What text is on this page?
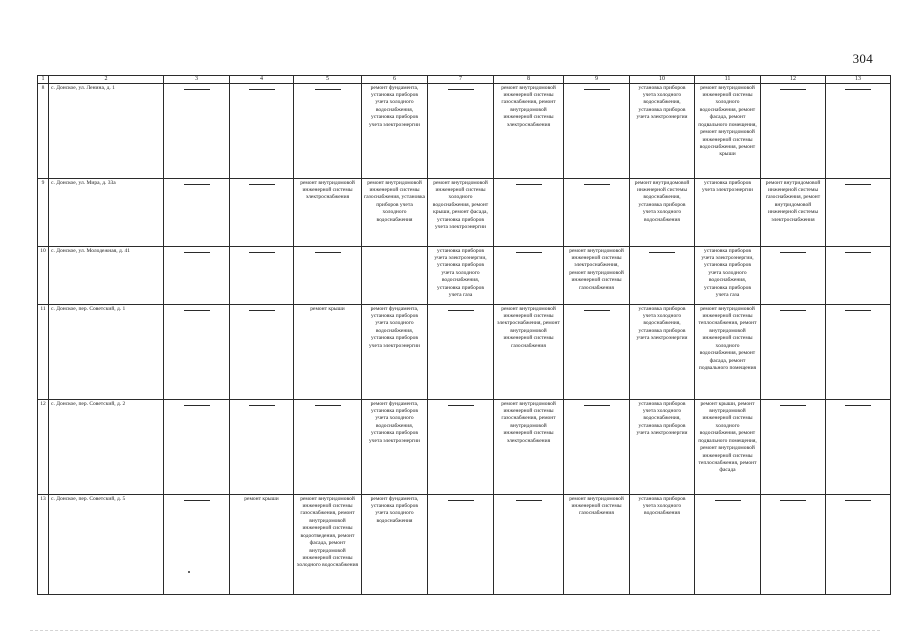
304
1	2	3	4	5	6	7	8	9	10	11	12	13
8	с. Донское, ул. Ленина, д. 1				ремонт фундамента, установка приборов учета холодного водоснабжения, установка приборов учета электроэнергии		ремонт внутридомовой инженерной системы газоснабжения, ремонт внутридомовой инженерной системы электроснабжения		установка приборов учета холодного водоснабжения, установка приборов учета электроэнергии	ремонт внутридомовой инженерной системы холодного водоснабжения, ремонт фасада, ремонт подвального помещения, ремонт внутридомовой инженерной системы водоснабжения, ремонт крыши	

9	с. Донское, ул. Мира, д. 33а			ремонт внутридомовой инженерной системы электроснабжения	ремонт внутридомовой инженерной системы газоснабжения, установка приборов учета холодного водоснабжения	ремонт внутридомовой инженерной системы холодного водоснабжения, ремонт крыши, ремонт фасада, установка приборов учета электроэнергии			ремонт внутридомовой инженерной системы водоснабжения, установка приборов учета холодного водоснабжения	установка приборов учета электроэнергии	ремонт внутридомовой инженерной системы газоснабжения, ремонт внутридомовой инженерной системы электроснабжения	

10	с. Донское, ул. Молодежная, д. 41					установка приборов учета электроэнергии, установка приборов учета холодного водоснабжения, установка приборов учета газа		ремонт внутридомовой инженерной системы электроснабжения, ремонт внутридомовой инженерной системы газоснабжения		установка приборов учета электроэнергии, установка приборов учета холодного водоснабжения, установка приборов учета газа	

11	с. Донское, пер. Советский, д. 1			ремонт крыши	ремонт фундамента, установка приборов учета холодного водоснабжения, установка приборов учета электроэнергии		ремонт внутридомовой инженерной системы электроснабжения, ремонт внутридомовой инженерной системы газоснабжения		установка приборов учета холодного водоснабжения, установка приборов учета электроэнергии	ремонт внутридомовой инженерной системы теплоснабжения, ремонт внутридомовой инженерной системы холодного водоснабжения, ремонт фасада, ремонт подвального помещения	

12	с. Донское, пер. Советский, д. 2				ремонт фундамента, установка приборов учета холодного водоснабжения, установка приборов учета электроэнергии		ремонт внутридомовой инженерной системы газоснабжения, ремонт внутридомовой инженерной системы электроснабжения		установка приборов учета холодного водоснабжения, установка приборов учета электроэнергии	ремонт крыши, ремонт внутридомовой инженерной системы холодного водоснабжения, ремонт подвального помещения, ремонт внутридомовой инженерной системы теплоснабжения, ремонт фасада	

13	с. Донское, пер. Советский, д. 5		ремонт крыши	ремонт внутридомовой инженерной системы газоснабжения, ремонт внутридомовой инженерной системы водоотведения, ремонт фасада, ремонт внутридомовой инженерной системы холодного водоснабжения	ремонт фундамента, установка приборов учета холодного водоснабжения			ремонт внутридомовой инженерной системы газоснабжения	установка приборов учета холодного водоснабжения	
